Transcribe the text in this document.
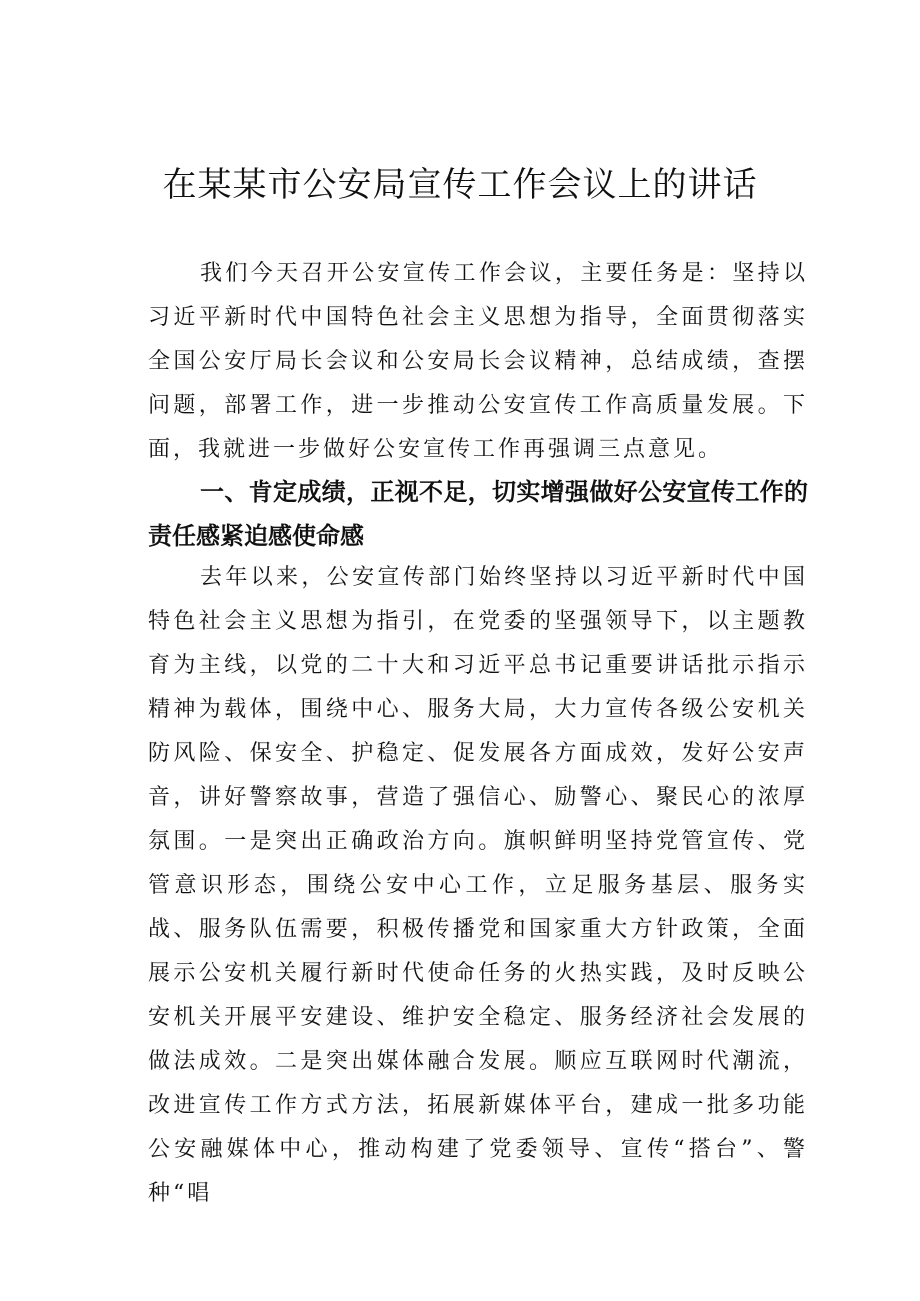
在某某市公安局宣传工作会议上的讲话

我们今天召开公安宣传工作会议，主要任务是：坚持以习近平新时代中国特色社会主义思想为指导，全面贯彻落实全国公安厅局长会议和公安局长会议精神，总结成绩，查摆问题，部署工作，进一步推动公安宣传工作高质量发展。下面，我就进一步做好公安宣传工作再强调三点意见。

一、肯定成绩，正视不足，切实增强做好公安宣传工作的责任感紧迫感使命感

去年以来，公安宣传部门始终坚持以习近平新时代中国特色社会主义思想为指引，在党委的坚强领导下，以主题教育为主线，以党的二十大和习近平总书记重要讲话批示指示精神为载体，围绕中心、服务大局，大力宣传各级公安机关防风险、保安全、护稳定、促发展各方面成效，发好公安声音，讲好警察故事，营造了强信心、励警心、聚民心的浓厚氛围。一是突出正确政治方向。旗帜鲜明坚持党管宣传、党管意识形态，围绕公安中心工作，立足服务基层、服务实战、服务队伍需要，积极传播党和国家重大方针政策，全面展示公安机关履行新时代使命任务的火热实践，及时反映公安机关开展平安建设、维护安全稳定、服务经济社会发展的做法成效。二是突出媒体融合发展。顺应互联网时代潮流，改进宣传工作方式方法，拓展新媒体平台，建成一批多功能公安融媒体中心，推动构建了党委领导、宣传“搭台”、警种“唱
